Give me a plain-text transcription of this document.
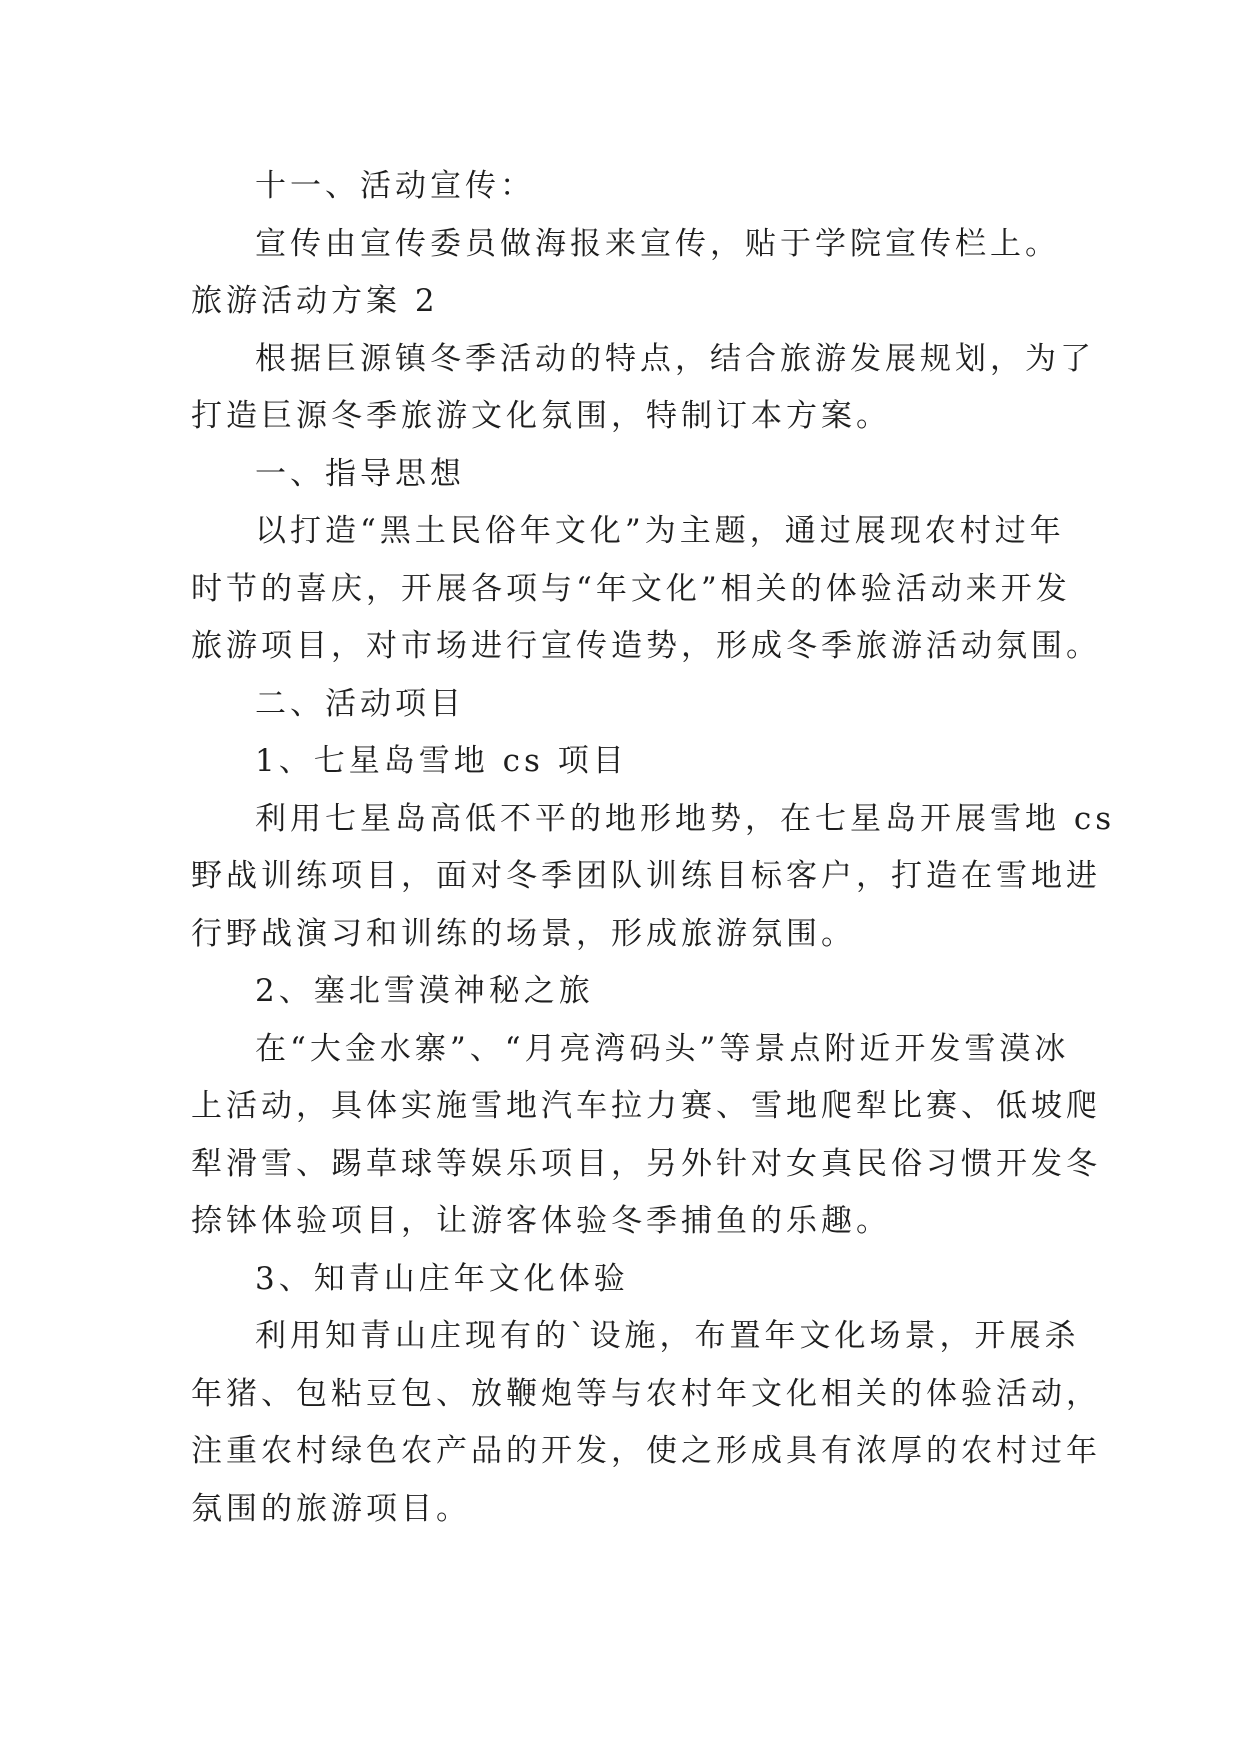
十一、活动宣传：

宣传由宣传委员做海报来宣传，贴于学院宣传栏上。

旅游活动方案 2

根据巨源镇冬季活动的特点，结合旅游发展规划，为了

打造巨源冬季旅游文化氛围，特制订本方案。

一、指导思想

以打造“黑土民俗年文化”为主题，通过展现农村过年

时节的喜庆，开展各项与“年文化”相关的体验活动来开发

旅游项目，对市场进行宣传造势，形成冬季旅游活动氛围。

二、活动项目

1、七星岛雪地 cs 项目

利用七星岛高低不平的地形地势，在七星岛开展雪地 cs

野战训练项目，面对冬季团队训练目标客户，打造在雪地进

行野战演习和训练的场景，形成旅游氛围。

2、塞北雪漠神秘之旅

在“大金水寨”、“月亮湾码头”等景点附近开发雪漠冰

上活动，具体实施雪地汽车拉力赛、雪地爬犁比赛、低坡爬

犁滑雪、踢草球等娱乐项目，另外针对女真民俗习惯开发冬

捺钵体验项目，让游客体验冬季捕鱼的乐趣。

3、知青山庄年文化体验

利用知青山庄现有的`设施，布置年文化场景，开展杀

年猪、包粘豆包、放鞭炮等与农村年文化相关的体验活动，

注重农村绿色农产品的开发，使之形成具有浓厚的农村过年

氛围的旅游项目。
